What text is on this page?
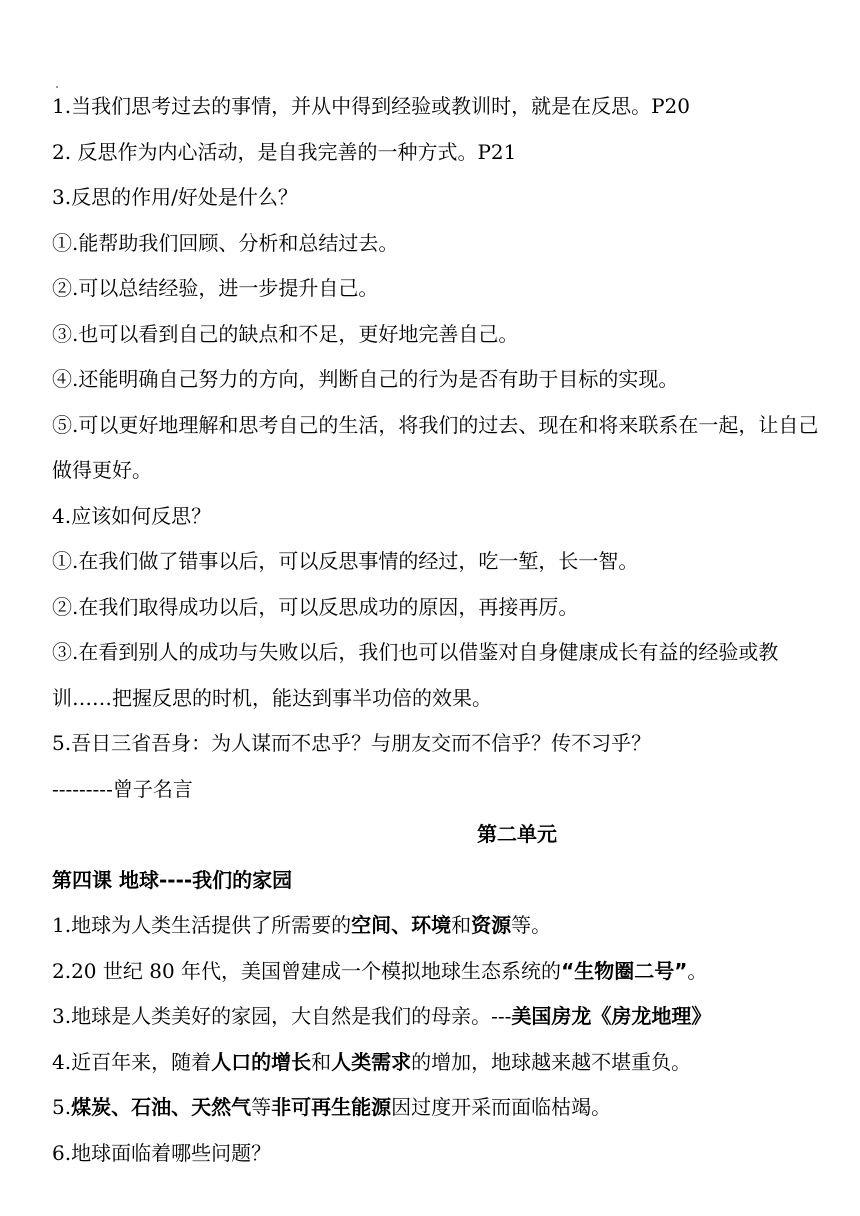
1.当我们思考过去的事情，并从中得到经验或教训时，就是在反思。P20
2. 反思作为内心活动，是自我完善的一种方式。P21
3.反思的作用/好处是什么？
①.能帮助我们回顾、分析和总结过去。
②.可以总结经验，进一步提升自己。
③.也可以看到自己的缺点和不足，更好地完善自己。
④.还能明确自己努力的方向，判断自己的行为是否有助于目标的实现。
⑤.可以更好地理解和思考自己的生活，将我们的过去、现在和将来联系在一起，让自己做得更好。
4.应该如何反思？
①.在我们做了错事以后，可以反思事情的经过，吃一堑，长一智。
②.在我们取得成功以后，可以反思成功的原因，再接再厉。
③.在看到别人的成功与失败以后，我们也可以借鉴对自身健康成长有益的经验或教训……把握反思的时机，能达到事半功倍的效果。
5.吾日三省吾身：为人谋而不忠乎？与朋友交而不信乎？传不习乎？
---------曾子名言
第二单元
第四课 地球----我们的家园
1.地球为人类生活提供了所需要的空间、环境和资源等。
2.20 世纪 80 年代，美国曾建成一个模拟地球生态系统的“生物圈二号”。
3.地球是人类美好的家园，大自然是我们的母亲。---美国房龙《房龙地理》
4.近百年来，随着人口的增长和人类需求的增加，地球越来越不堪重负。
5.煤炭、石油、天然气等非可再生能源因过度开采而面临枯竭。
6.地球面临着哪些问题？
